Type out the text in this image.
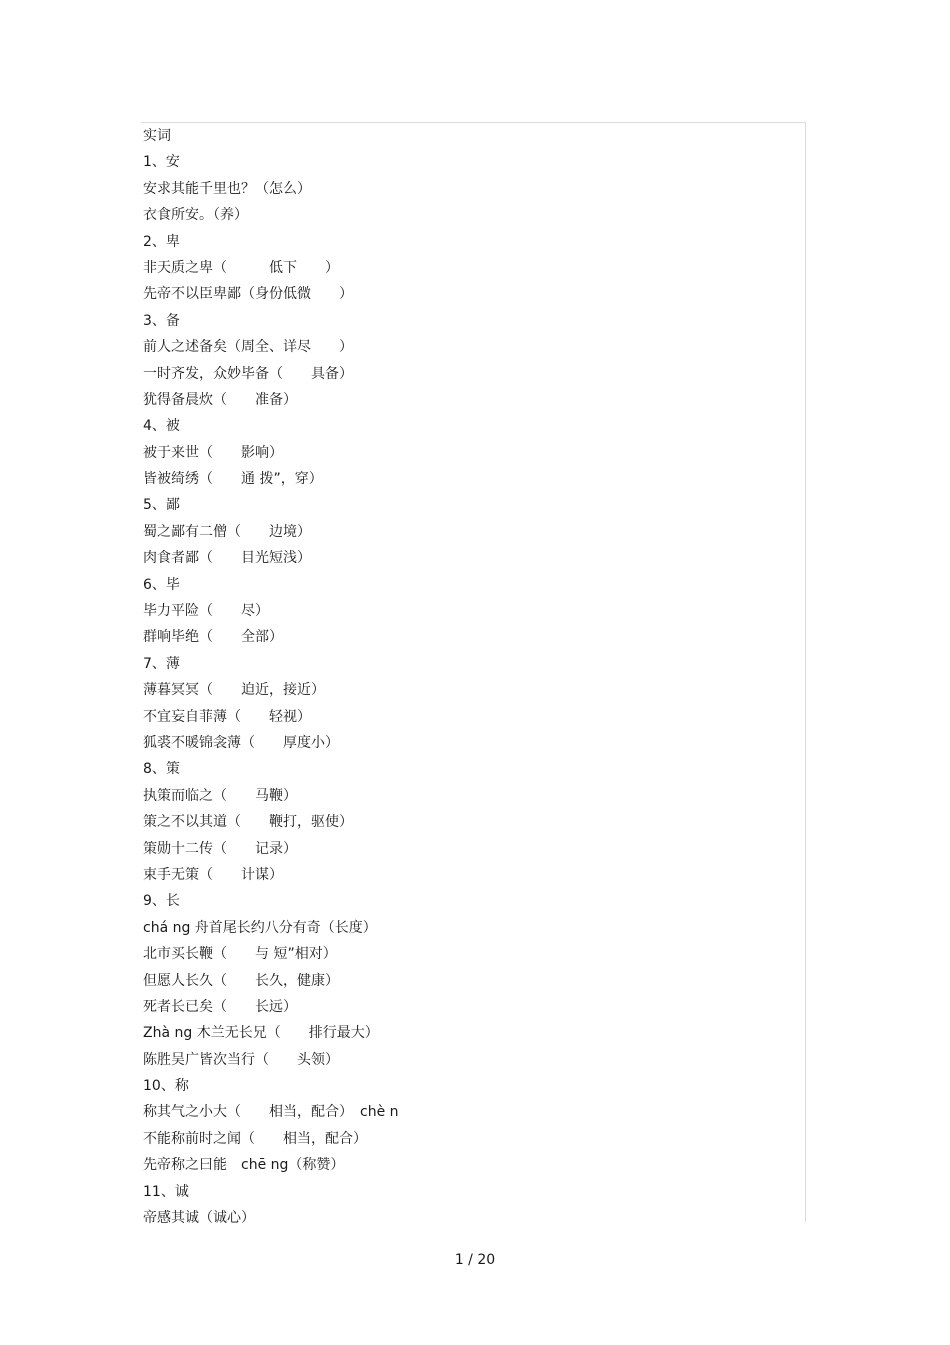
实词
1、安
安求其能千里也？（怎么）
衣食所安。（养）
2、卑
非天质之卑（　　　低下　　）
先帝不以臣卑鄙（身份低微　　）
3、备
前人之述备矣（周全、详尽　　）
一时齐发，众妙毕备（　　具备）
犹得备晨炊（　　准备）
4、被
被于来世（　　影响）
皆被绮绣（　　通 拨”，穿）
5、鄙
蜀之鄙有二僧（　　边境）
肉食者鄙（　　目光短浅）
6、毕
毕力平险（　　尽）
群响毕绝（　　全部）
7、薄
薄暮冥冥（　　迫近，接近）
不宜妄自菲薄（　　轻视）
狐裘不暖锦衾薄（　　厚度小）
8、策
执策而临之（　　马鞭）
策之不以其道（　　鞭打，驱使）
策勋十二传（　　记录）
束手无策（　　计谋）
9、长
chá ng 舟首尾长约八分有奇（长度）
北市买长鞭（　　与 短”相对）
但愿人长久（　　长久，健康）
死者长已矣（　　长远）
Zhà ng 木兰无长兄（　　排行最大）
陈胜吴广皆次当行（　　头领）
10、称
称其气之小大（　　相当，配合）　chè n
不能称前时之闻（　　相当，配合）
先帝称之曰能　chē ng（称赞）
11、诚
帝感其诚（诚心）
1 / 20
